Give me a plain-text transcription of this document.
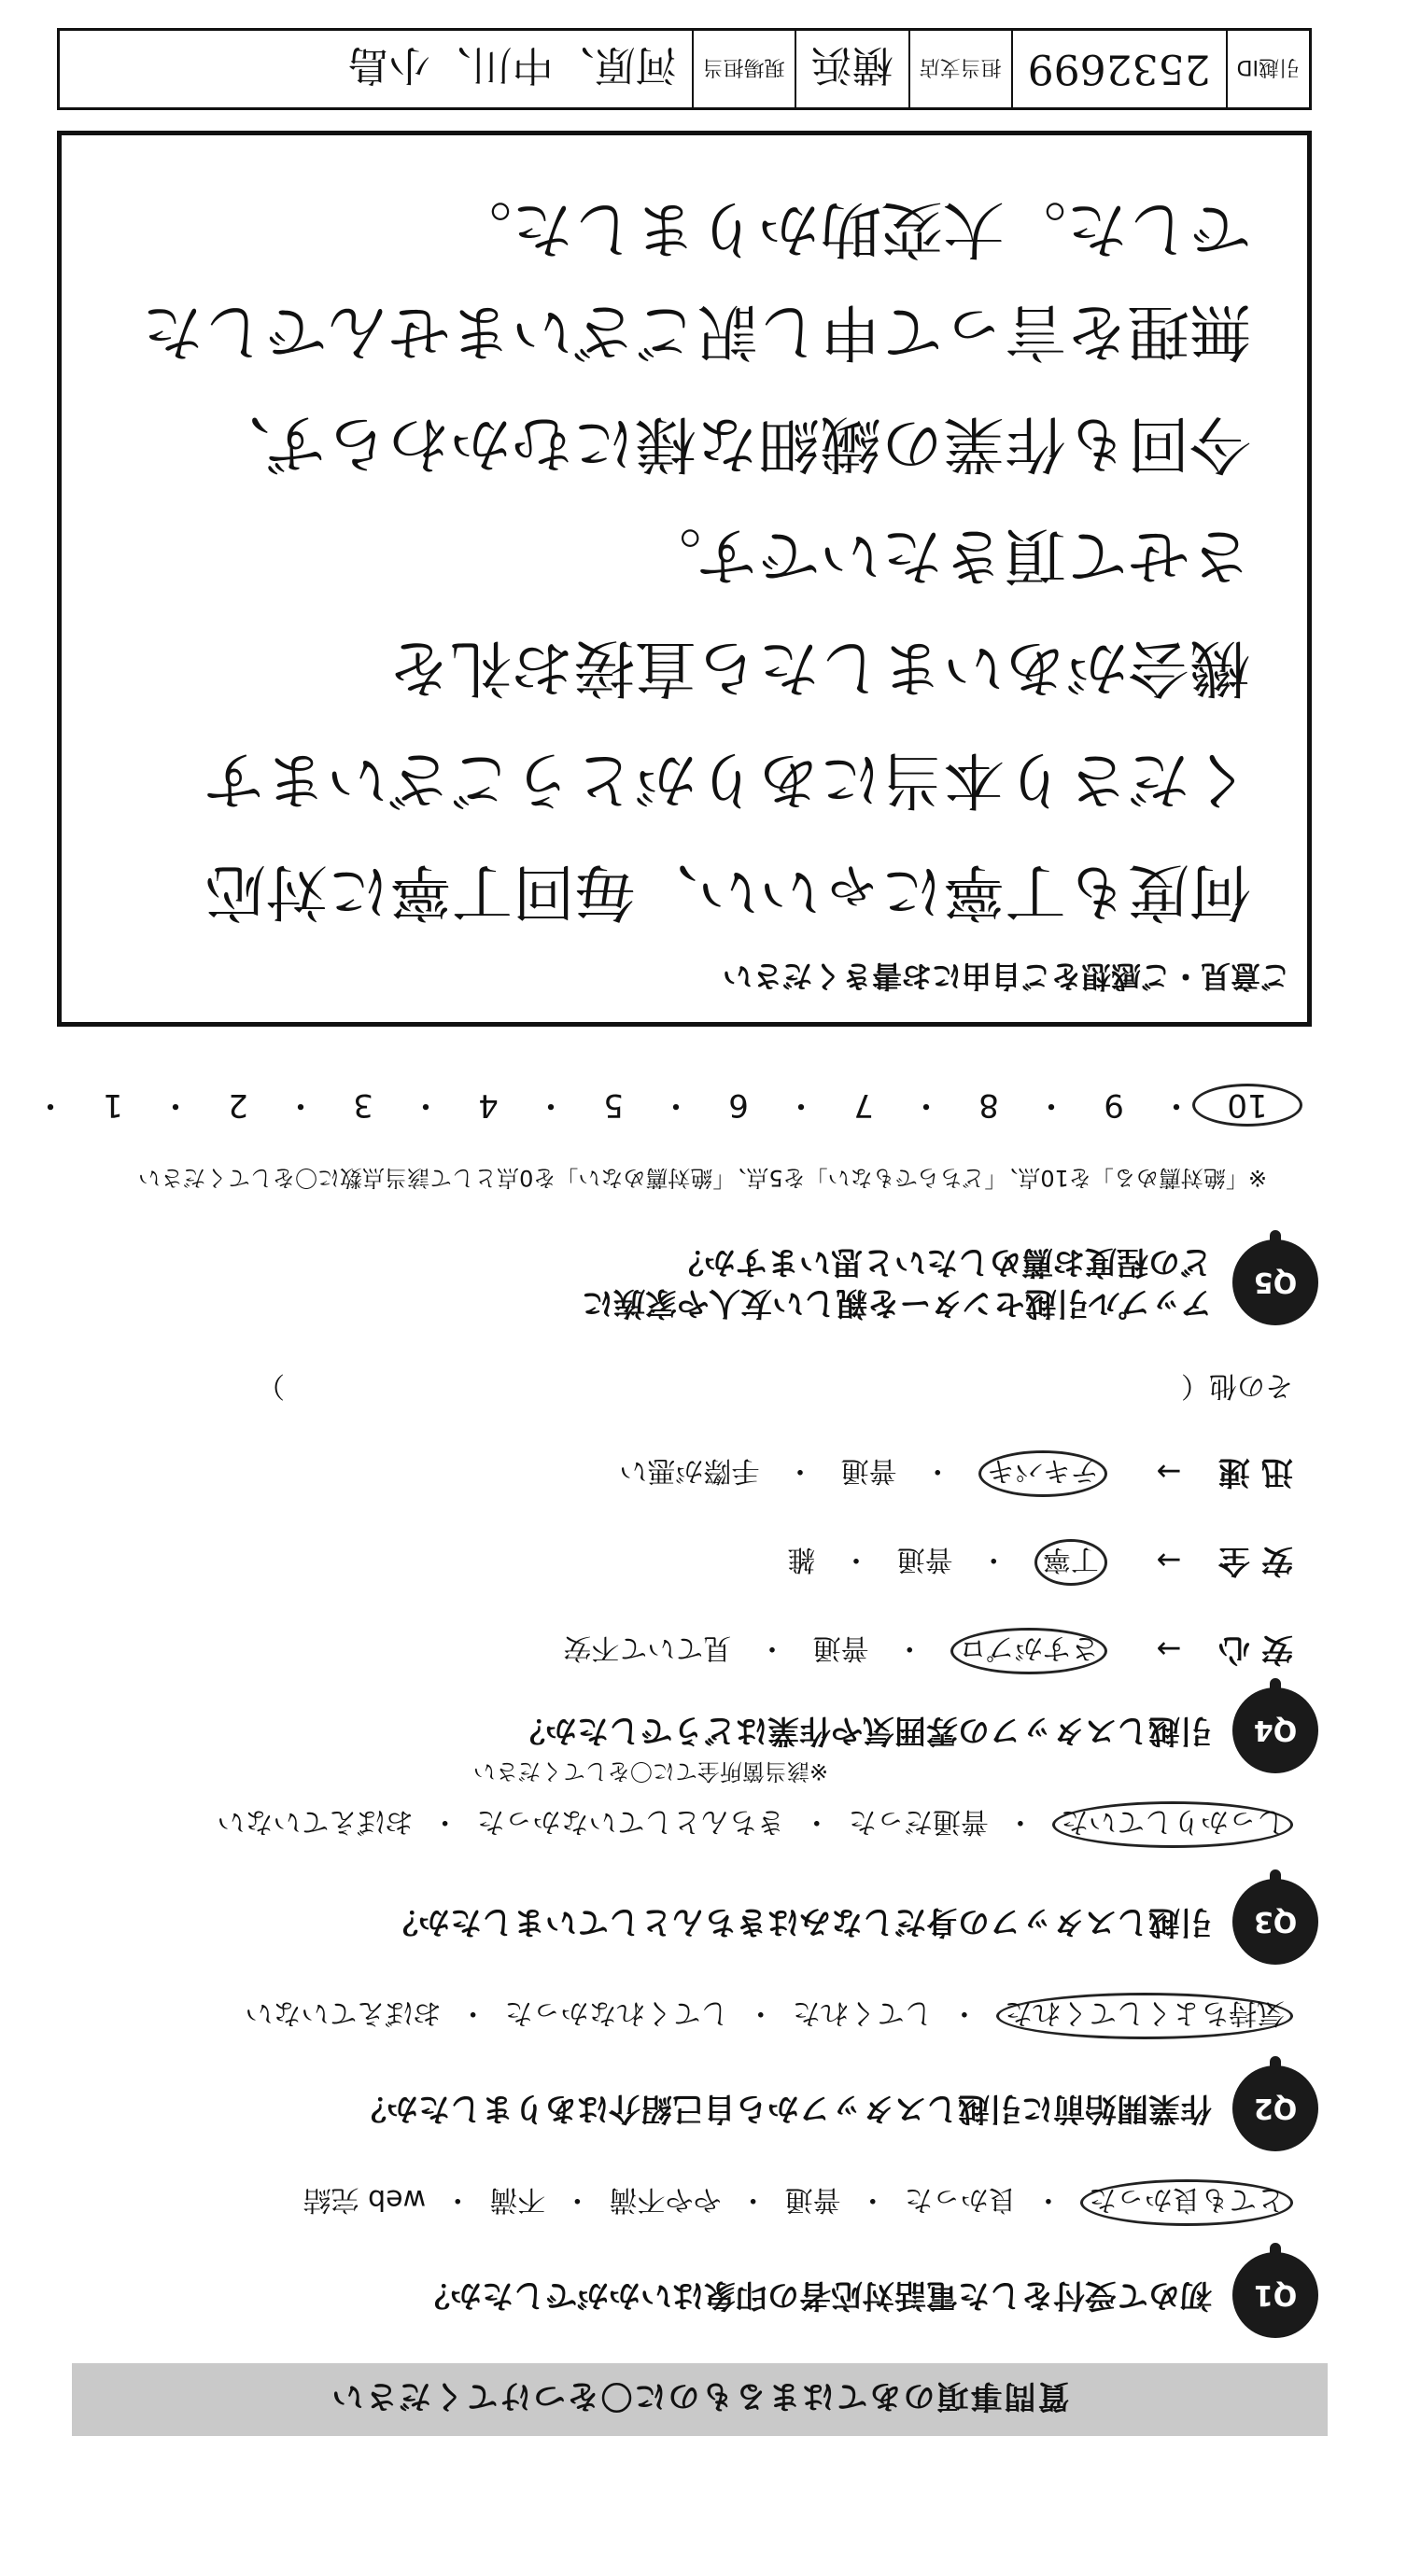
質問事項のあてはまるものに〇をつけてください
Q1
初めて受付をした電話対応者の印象はいかがでしたか？
とても良かった  ・  良かった  ・  普通  ・  やや不満  ・  不満  ・  web 完結
Q2
作業開始前に引越しスタッフから自己紹介はありましたか？
気持ちよくしてくれた  ・  してくれた  ・  してくれなかった  ・  おぼえていない
Q3
引越しスタッフの身だしなみはきちんとしていましたか？
しっかりしていた  ・  普通だった  ・  きちんとしていなかった  ・  おぼえていない
Q4
引越しスタッフの雰囲気や作業はどうでしたか？
※該当箇所全てに〇をしてください
安心 → さすがプロ   ・   普通   ・   見ていて不安
安全 → 丁寧   ・   普通   ・   雑
迅速 → テキパキ   ・   普通   ・   手際が悪い
その他（　　　　　　　　　　　　　　　　　　　　　　　　　　　　　　　　）
Q5
アップル引越センターを親しい友人や家族に
どの程度お薦めしたいと思いますか？
※「絶対薦める」を10点、「どちらでもない」を5点、「絶対薦めない」を0点として該当点数に〇をしてください
10・9・8・7・6・5・4・3・2・1・
ご意見・ご感想をご自由にお書きください
何度も丁寧にゃいい、毎回丁寧に対応
くださり本当にありがとうございます
機会があいましたら直接お礼を
させて頂きたいです。
今回も作業の繊細な様にむかわらず、
無理を言って申し訳ございませんでした
でした。大変助かりました。
引越ID
2532699
担当支店
横浜
現場担当
河原、中川、小島
